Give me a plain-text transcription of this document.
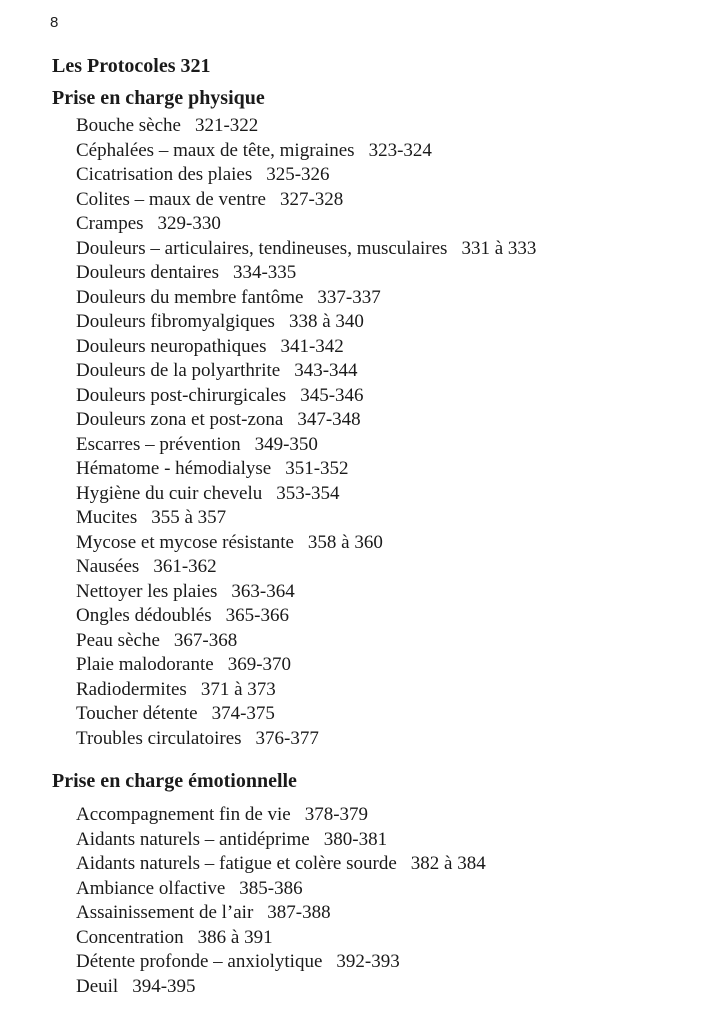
8
Les Protocoles 321
Prise en charge physique
Bouche sèche 321-322
Céphalées – maux de tête, migraines 323-324
Cicatrisation des plaies 325-326
Colites – maux de ventre 327-328
Crampes 329-330
Douleurs – articulaires, tendineuses, musculaires 331 à 333
Douleurs dentaires 334-335
Douleurs du membre fantôme 337-337
Douleurs fibromyalgiques 338 à 340
Douleurs neuropathiques 341-342
Douleurs de la polyarthrite 343-344
Douleurs post-chirurgicales 345-346
Douleurs zona et post-zona 347-348
Escarres – prévention 349-350
Hématome - hémodialyse 351-352
Hygiène du cuir chevelu 353-354
Mucites 355 à 357
Mycose et mycose résistante 358 à 360
Nausées 361-362
Nettoyer les plaies 363-364
Ongles dédoublés 365-366
Peau sèche 367-368
Plaie malodorante 369-370
Radiodermites 371 à 373
Toucher détente 374-375
Troubles circulatoires 376-377
Prise en charge émotionnelle
Accompagnement fin de vie 378-379
Aidants naturels – antidéprime 380-381
Aidants naturels – fatigue et colère sourde 382 à 384
Ambiance olfactive 385-386
Assainissement de l’air 387-388
Concentration 386 à 391
Détente profonde – anxiolytique 392-393
Deuil 394-395
